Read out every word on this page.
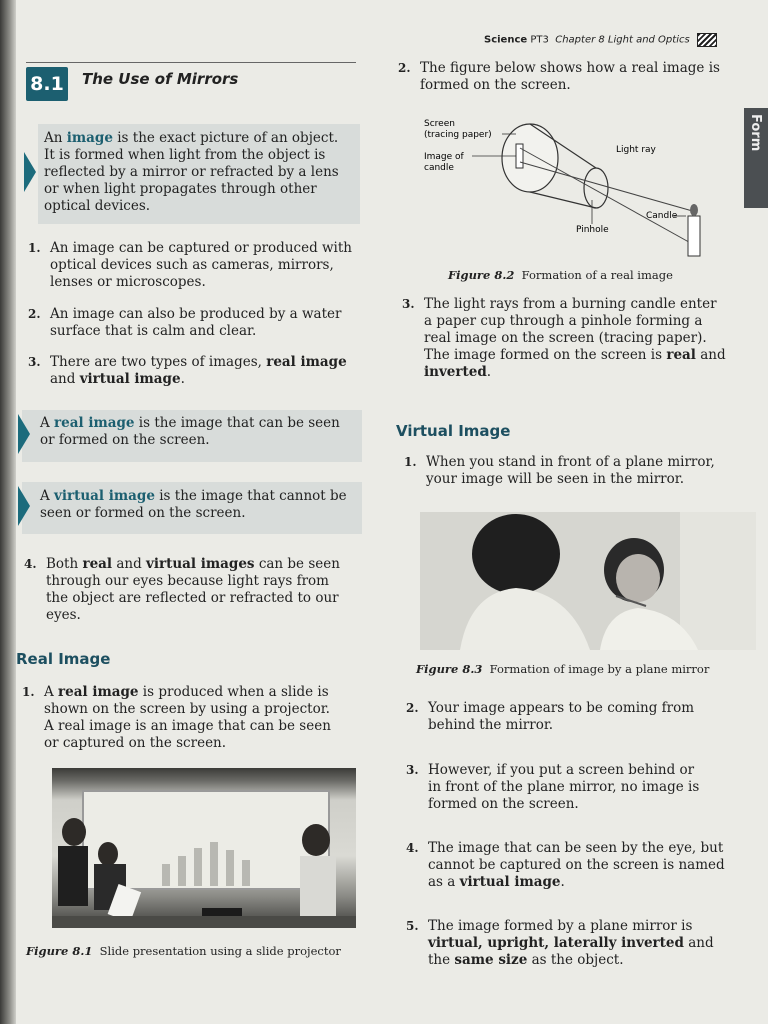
Science PT3 Chapter 8 Light and Optics
Form
8.1 The Use of Mirrors
An image is the exact picture of an object.
It is formed when light from the object is
reflected by a mirror or refracted by a lens
or when light propagates through other
optical devices.
1. An image can be captured or produced with
optical devices such as cameras, mirrors,
lenses or microscopes.
2. An image can also be produced by a water
surface that is calm and clear.
3. There are two types of images, real image
and virtual image.
A real image is the image that can be seen
or formed on the screen.
A virtual image is the image that cannot be
seen or formed on the screen.
4. Both real and virtual images can be seen
through our eyes because light rays from
the object are reflected or refracted to our
eyes.
Real Image
1. A real image is produced when a slide is
shown on the screen by using a projector.
A real image is an image that can be seen
or captured on the screen.
Figure 8.1 Slide presentation using a slide projector
2. The figure below shows how a real image is
formed on the screen.
Screen
(tracing paper)
Image of
candle
Light ray
Candle
Pinhole
Figure 8.2 Formation of a real image
3. The light rays from a burning candle enter
a paper cup through a pinhole forming a
real image on the screen (tracing paper).
The image formed on the screen is real and
inverted.
Virtual Image
1. When you stand in front of a plane mirror,
your image will be seen in the mirror.
Figure 8.3 Formation of image by a plane mirror
2. Your image appears to be coming from
behind the mirror.
3. However, if you put a screen behind or
in front of the plane mirror, no image is
formed on the screen.
4. The image that can be seen by the eye, but
cannot be captured on the screen is named
as a virtual image.
5. The image formed by a plane mirror is
virtual, upright, laterally inverted and
the same size as the object.
